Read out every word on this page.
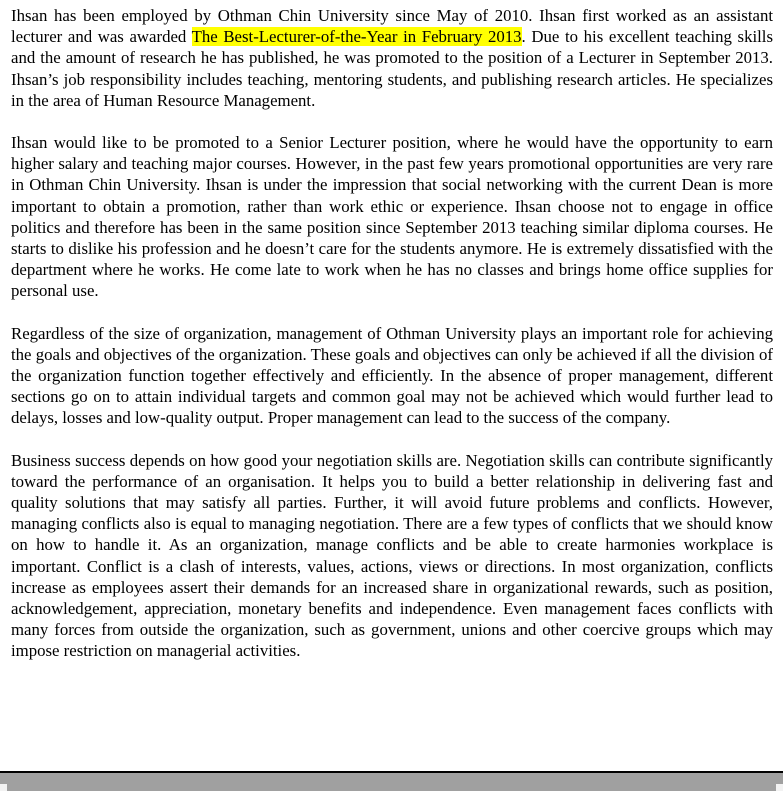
Ihsan has been employed by Othman Chin University since May of 2010. Ihsan first worked as an assistant lecturer and was awarded The Best-Lecturer-of-the-Year in February 2013. Due to his excellent teaching skills and the amount of research he has published, he was promoted to the position of a Lecturer in September 2013. Ihsan’s job responsibility includes teaching, mentoring students, and publishing research articles. He specializes in the area of Human Resource Management.

Ihsan would like to be promoted to a Senior Lecturer position, where he would have the opportunity to earn higher salary and teaching major courses. However, in the past few years promotional opportunities are very rare in Othman Chin University. Ihsan is under the impression that social networking with the current Dean is more important to obtain a promotion, rather than work ethic or experience. Ihsan choose not to engage in office politics and therefore has been in the same position since September 2013 teaching similar diploma courses. He starts to dislike his profession and he doesn’t care for the students anymore. He is extremely dissatisfied with the department where he works. He come late to work when he has no classes and brings home office supplies for personal use.

Regardless of the size of organization, management of Othman University plays an important role for achieving the goals and objectives of the organization. These goals and objectives can only be achieved if all the division of the organization function together effectively and efficiently. In the absence of proper management, different sections go on to attain individual targets and common goal may not be achieved which would further lead to delays, losses and low-quality output. Proper management can lead to the success of the company.

Business success depends on how good your negotiation skills are. Negotiation skills can contribute significantly toward the performance of an organisation. It helps you to build a better relationship in delivering fast and quality solutions that may satisfy all parties. Further, it will avoid future problems and conflicts. However, managing conflicts also is equal to managing negotiation. There are a few types of conflicts that we should know on how to handle it. As an organization, manage conflicts and be able to create harmonies workplace is important. Conflict is a clash of interests, values, actions, views or directions. In most organization, conflicts increase as employees assert their demands for an increased share in organizational rewards, such as position, acknowledgement, appreciation, monetary benefits and independence. Even management faces conflicts with many forces from outside the organization, such as government, unions and other coercive groups which may impose restriction on managerial activities.
